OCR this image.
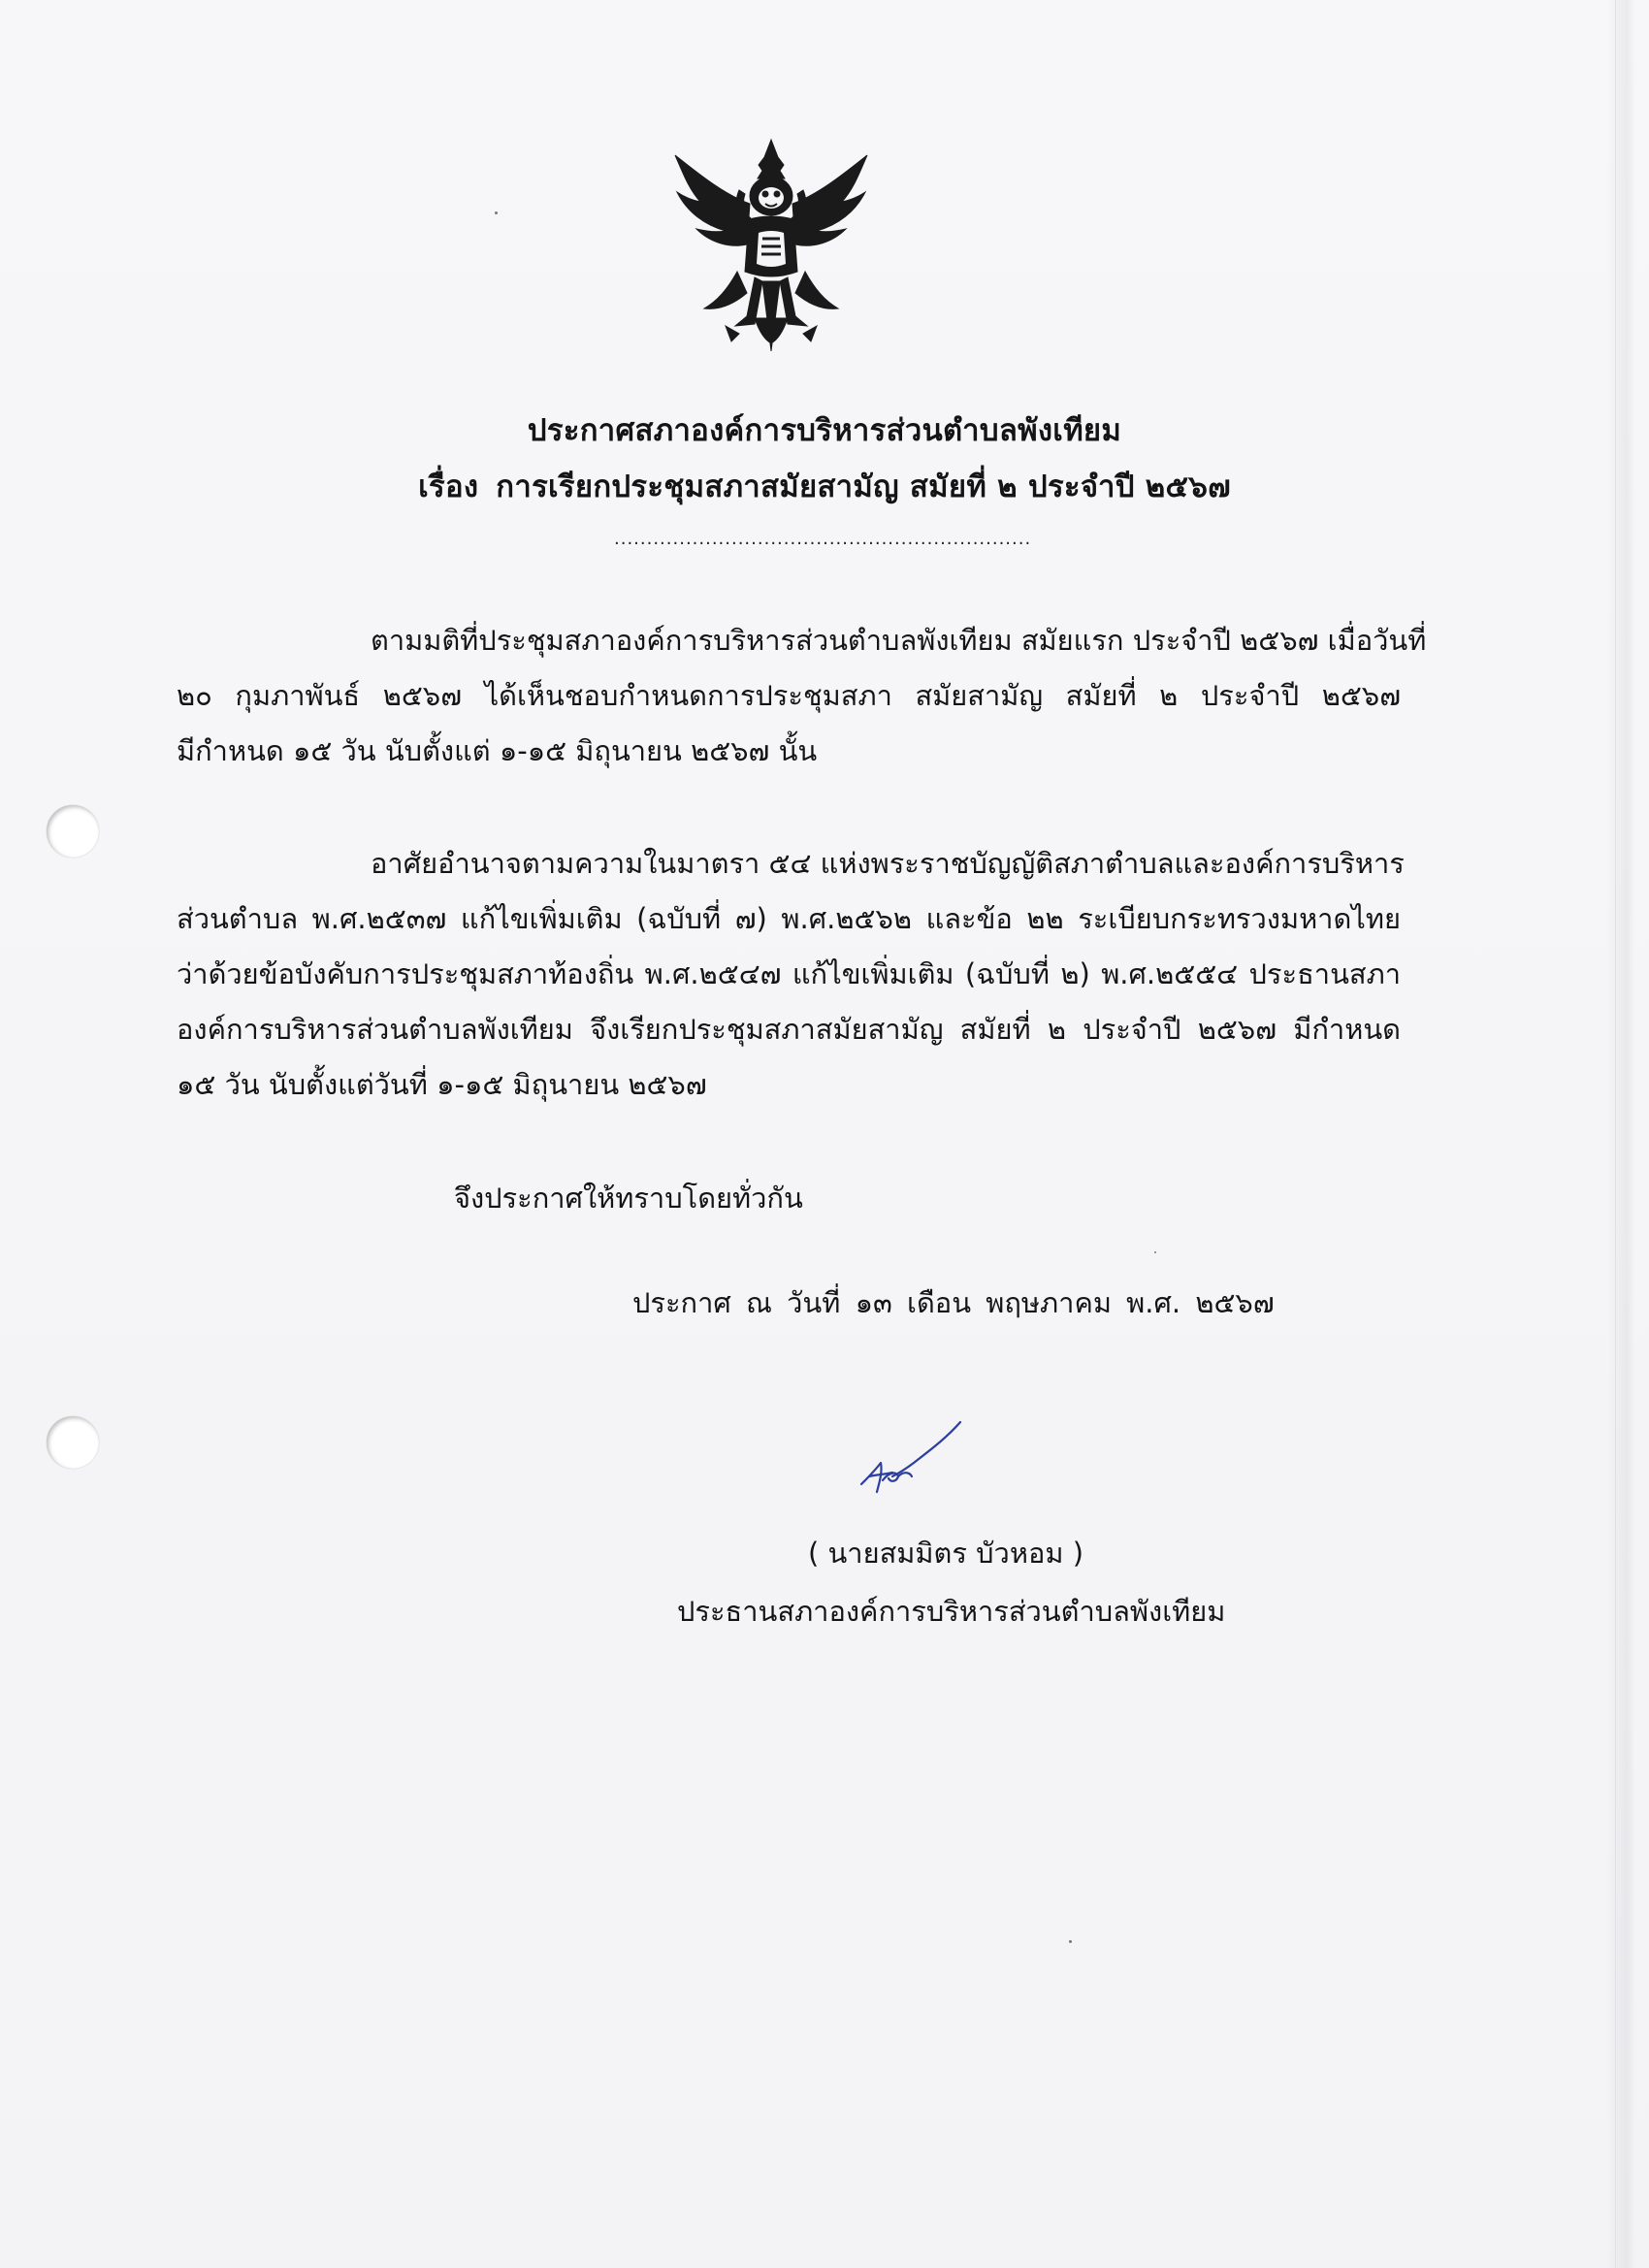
ประกาศสภาองค์การบริหารส่วนตำบลพังเทียม
เรื่อง การเรียกประชุมสภาสมัยสามัญ สมัยที่ ๒ ประจำปี ๒๕๖๗
................................................................
ตามมติที่ประชุมสภาองค์การบริหารส่วนตำบลพังเทียม สมัยแรก ประจำปี ๒๕๖๗ เมื่อวันที่
๒๐ กุมภาพันธ์ ๒๕๖๗ ได้เห็นชอบกำหนดการประชุมสภา สมัยสามัญ สมัยที่ ๒ ประจำปี ๒๕๖๗
มีกำหนด ๑๕ วัน นับตั้งแต่ ๑-๑๕ มิถุนายน ๒๕๖๗ นั้น
อาศัยอำนาจตามความในมาตรา ๕๔ แห่งพระราชบัญญัติสภาตำบลและองค์การบริหาร
ส่วนตำบล พ.ศ.๒๕๓๗ แก้ไขเพิ่มเติม (ฉบับที่ ๗) พ.ศ.๒๕๖๒ และข้อ ๒๒ ระเบียบกระทรวงมหาดไทย
ว่าด้วยข้อบังคับการประชุมสภาท้องถิ่น พ.ศ.๒๕๔๗ แก้ไขเพิ่มเติม (ฉบับที่ ๒) พ.ศ.๒๕๕๔ ประธานสภา
องค์การบริหารส่วนตำบลพังเทียม จึงเรียกประชุมสภาสมัยสามัญ สมัยที่ ๒ ประจำปี ๒๕๖๗ มีกำหนด
๑๕ วัน นับตั้งแต่วันที่ ๑-๑๕ มิถุนายน ๒๕๖๗
จึงประกาศให้ทราบโดยทั่วกัน
ประกาศ ณ วันที่ ๑๓ เดือน พฤษภาคม พ.ศ. ๒๕๖๗
( นายสมมิตร บัวหอม )
ประธานสภาองค์การบริหารส่วนตำบลพังเทียม
